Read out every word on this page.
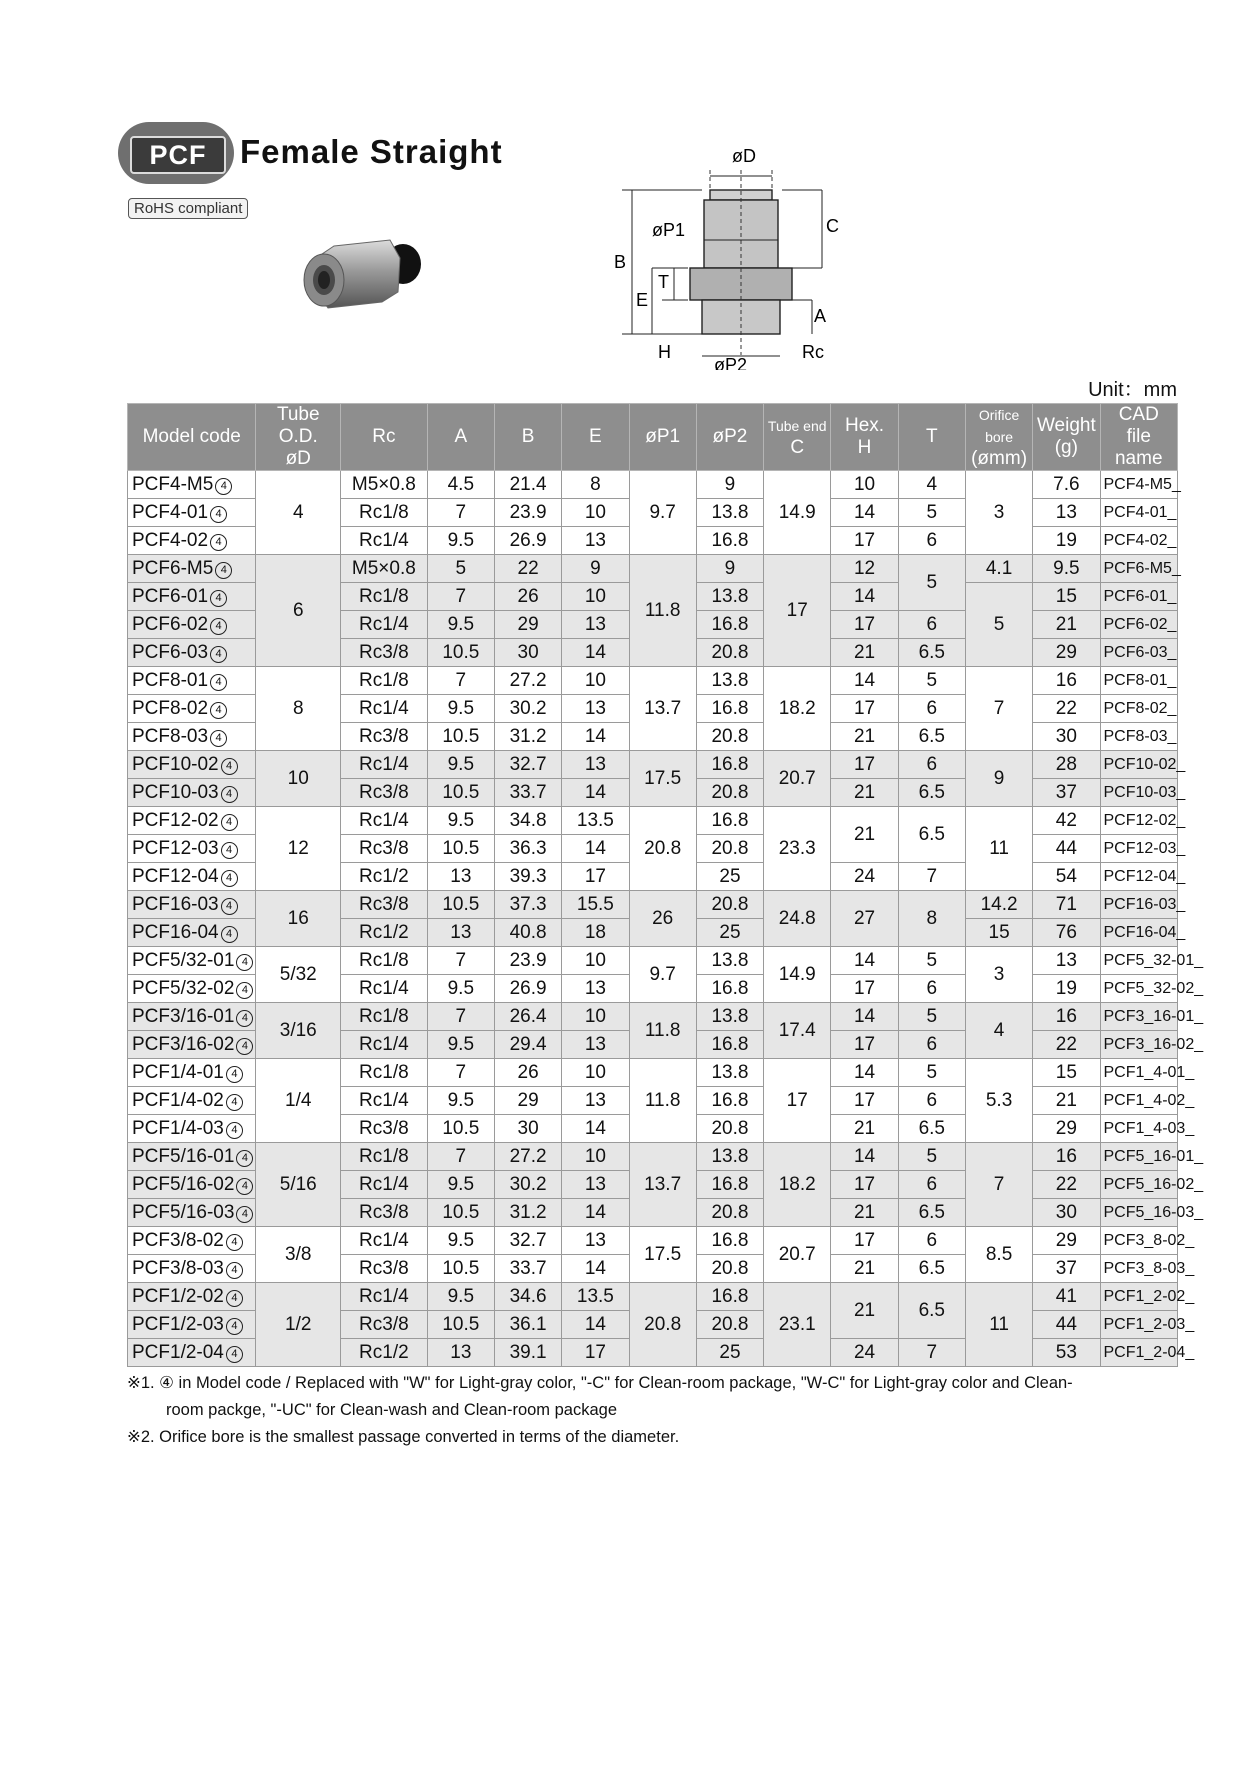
PCF	Female Straight
RoHS compliant
øD
øP1
øP2
B
C
E
T
A
H	Rc
Unit：mm
Model code	Tube O.D.
øD	Rc	A	B	E	øP1	øP2	Tube end
C	Hex.
H	T	Orifice bore
(ømm)	Weight
(g)	CAD
file name
PCF4-M5 4	4	M5×0.8	4.5	21.4	8	9.7	9	14.9	10	4	3	7.6	PCF4-M5_
PCF4-01 4		Rc1/8	7	23.9	10		13.8		14	5		13	PCF4-01_
PCF4-02 4		Rc1/4	9.5	26.9	13		16.8		17	6		19	PCF4-02_
PCF6-M5 4	6	M5×0.8	5	22	9	11.8	9	17	12	5	4.1	9.5	PCF6-M5_
PCF6-01 4		Rc1/8	7	26	10		13.8		14		5	15	PCF6-01_
PCF6-02 4		Rc1/4	9.5	29	13		16.8		17	6		21	PCF6-02_
PCF6-03 4		Rc3/8	10.5	30	14		20.8		21	6.5		29	PCF6-03_
PCF8-01 4	8	Rc1/8	7	27.2	10	13.7	13.8	18.2	14	5	7	16	PCF8-01_
PCF8-02 4		Rc1/4	9.5	30.2	13		16.8		17	6		22	PCF8-02_
PCF8-03 4		Rc3/8	10.5	31.2	14		20.8		21	6.5		30	PCF8-03_
PCF10-02 4	10	Rc1/4	9.5	32.7	13	17.5	16.8	20.7	17	6	9	28	PCF10-02_
PCF10-03 4		Rc3/8	10.5	33.7	14		20.8		21	6.5		37	PCF10-03_
PCF12-02 4	12	Rc1/4	9.5	34.8	13.5	20.8	16.8	23.3	21	6.5	11	42	PCF12-02_
PCF12-03 4		Rc3/8	10.5	36.3	14		20.8					44	PCF12-03_
PCF12-04 4		Rc1/2	13	39.3	17		25		24	7		54	PCF12-04_
PCF16-03 4	16	Rc3/8	10.5	37.3	15.5	26	20.8	24.8	27	8	14.2	71	PCF16-03_
PCF16-04 4		Rc1/2	13	40.8	18		25				15	76	PCF16-04_
PCF5/32-01 4	5/32	Rc1/8	7	23.9	10	9.7	13.8	14.9	14	5	3	13	PCF5_32-01_
PCF5/32-02 4		Rc1/4	9.5	26.9	13		16.8		17	6		19	PCF5_32-02_
PCF3/16-01 4	3/16	Rc1/8	7	26.4	10	11.8	13.8	17.4	14	5	4	16	PCF3_16-01_
PCF3/16-02 4		Rc1/4	9.5	29.4	13		16.8		17	6		22	PCF3_16-02_
PCF1/4-01 4	1/4	Rc1/8	7	26	10	11.8	13.8	17	14	5	5.3	15	PCF1_4-01_
PCF1/4-02 4		Rc1/4	9.5	29	13		16.8		17	6		21	PCF1_4-02_
PCF1/4-03 4		Rc3/8	10.5	30	14		20.8		21	6.5		29	PCF1_4-03_
PCF5/16-01 4	5/16	Rc1/8	7	27.2	10	13.7	13.8	18.2	14	5	7	16	PCF5_16-01_
PCF5/16-02 4		Rc1/4	9.5	30.2	13		16.8		17	6		22	PCF5_16-02_
PCF5/16-03 4		Rc3/8	10.5	31.2	14		20.8		21	6.5		30	PCF5_16-03_
PCF3/8-02 4	3/8	Rc1/4	9.5	32.7	13	17.5	16.8	20.7	17	6	8.5	29	PCF3_8-02_
PCF3/8-03 4		Rc3/8	10.5	33.7	14		20.8		21	6.5		37	PCF3_8-03_
PCF1/2-02 4	1/2	Rc1/4	9.5	34.6	13.5	20.8	16.8	23.1	21	6.5	11	41	PCF1_2-02_
PCF1/2-03 4		Rc3/8	10.5	36.1	14		20.8					44	PCF1_2-03_
PCF1/2-04 4		Rc1/2	13	39.1	17		25		24	7		53	PCF1_2-04_

※1. ④ in Model code / Replaced with "W" for Light-gray color, "-C" for Clean-room package, "W-C" for Light-gray color and Clean-

room packge, "-UC" for Clean-wash and Clean-room package

※2. Orifice bore is the smallest passage converted in terms of the diameter.
